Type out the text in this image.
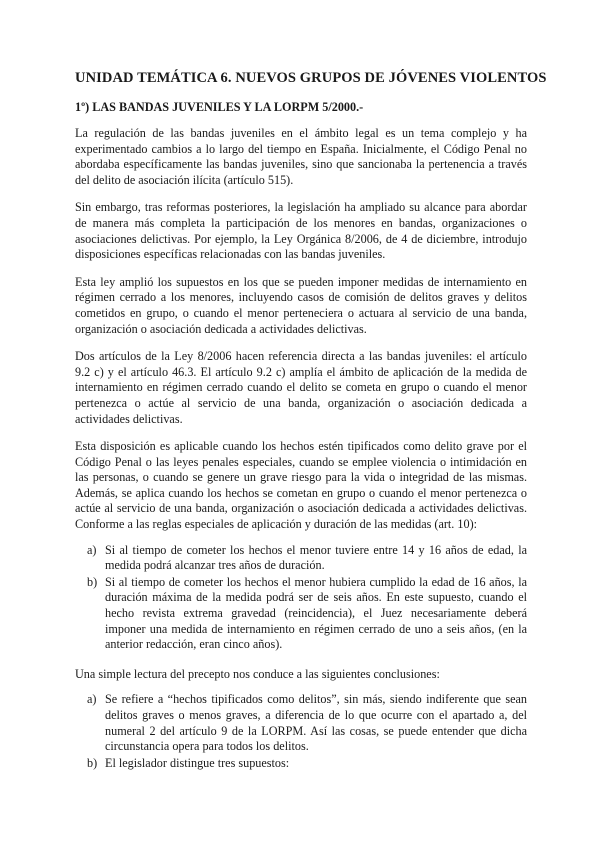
UNIDAD TEMÁTICA 6. NUEVOS GRUPOS DE JÓVENES VIOLENTOS
1º) LAS BANDAS JUVENILES Y LA LORPM 5/2000.-

La regulación de las bandas juveniles en el ámbito legal es un tema complejo y ha experimentado cambios a lo largo del tiempo en España. Inicialmente, el Código Penal no abordaba específicamente las bandas juveniles, sino que sancionaba la pertenencia a través del delito de asociación ilícita (artículo 515).

Sin embargo, tras reformas posteriores, la legislación ha ampliado su alcance para abordar de manera más completa la participación de los menores en bandas, organizaciones o asociaciones delictivas. Por ejemplo, la Ley Orgánica 8/2006, de 4 de diciembre, introdujo disposiciones específicas relacionadas con las bandas juveniles.

Esta ley amplió los supuestos en los que se pueden imponer medidas de internamiento en régimen cerrado a los menores, incluyendo casos de comisión de delitos graves y delitos cometidos en grupo, o cuando el menor perteneciera o actuara al servicio de una banda, organización o asociación dedicada a actividades delictivas.

Dos artículos de la Ley 8/2006 hacen referencia directa a las bandas juveniles: el artículo 9.2 c) y el artículo 46.3. El artículo 9.2 c) amplía el ámbito de aplicación de la medida de internamiento en régimen cerrado cuando el delito se cometa en grupo o cuando el menor pertenezca o actúe al servicio de una banda, organización o asociación dedicada a actividades delictivas.

Esta disposición es aplicable cuando los hechos estén tipificados como delito grave por el Código Penal o las leyes penales especiales, cuando se emplee violencia o intimidación en las personas, o cuando se genere un grave riesgo para la vida o integridad de las mismas. Además, se aplica cuando los hechos se cometan en grupo o cuando el menor pertenezca o actúe al servicio de una banda, organización o asociación dedicada a actividades delictivas. Conforme a las reglas especiales de aplicación y duración de las medidas (art. 10):

a) Si al tiempo de cometer los hechos el menor tuviere entre 14 y 16 años de edad, la medida podrá alcanzar tres años de duración.
b) Si al tiempo de cometer los hechos el menor hubiera cumplido la edad de 16 años, la duración máxima de la medida podrá ser de seis años. En este supuesto, cuando el hecho revista extrema gravedad (reincidencia), el Juez necesariamente deberá imponer una medida de internamiento en régimen cerrado de uno a seis años, (en la anterior redacción, eran cinco años).

Una simple lectura del precepto nos conduce a las siguientes conclusiones:

a) Se refiere a “hechos tipificados como delitos”, sin más, siendo indiferente que sean delitos graves o menos graves, a diferencia de lo que ocurre con el apartado a, del numeral 2 del artículo 9 de la LORPM. Así las cosas, se puede entender que dicha circunstancia opera para todos los delitos.
b) El legislador distingue tres supuestos:
